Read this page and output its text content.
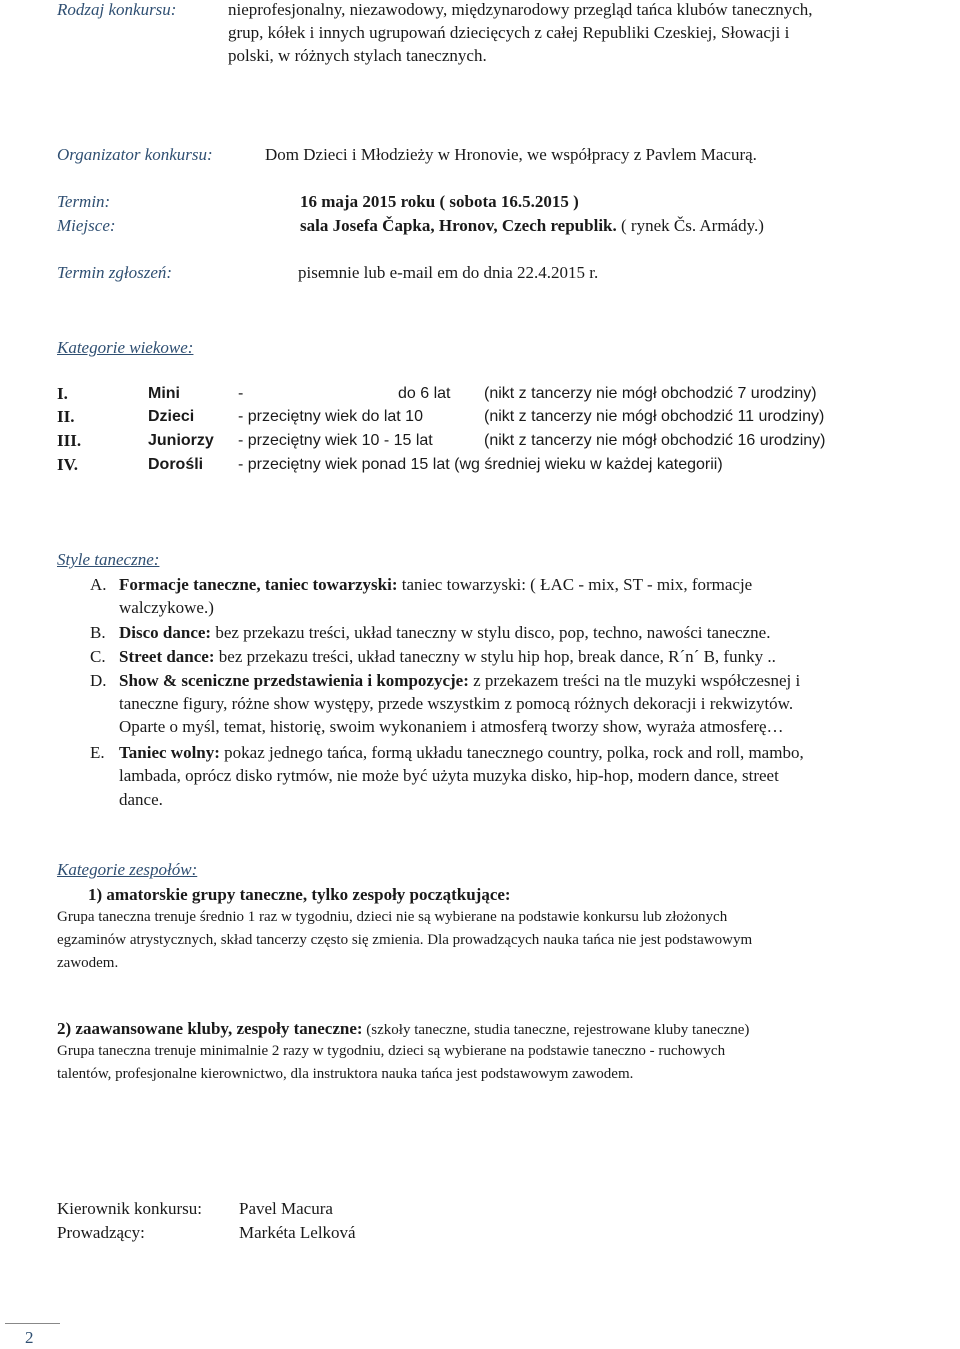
Rodzaj konkursu:	nieprofesjonalny, niezawodowy, międzynarodowy przegląd tańca klubów tanecznych,
grup, kółek i innych ugrupowań dziecięcych z całej Republiki Czeskiej, Słowacji i
polski, w różnych stylach tanecznych.
Organizator konkursu:	Dom Dzieci i Młodzieży w Hronovie, we współpracy z Pavlem Macurą.
Termin:	16 maja 2015 roku ( sobota 16.5.2015 )
Miejsce:	sala Josefa Čapka, Hronov, Czech republik. ( rynek Čs. Armády.)
Termin zgłoszeń:	pisemnie lub e-mail em do dnia 22.4.2015 r.
Kategorie wiekowe:
I.	Mini	-	do 6 lat (nikt z tancerzy nie mógł obchodzić 7 urodziny)
II.	Dzieci	- przeciętny wiek do lat 10	(nikt z tancerzy nie mógł obchodzić 11 urodziny)
III.	Juniorzy - przeciętny wiek 10 - 15 lat	(nikt z tancerzy nie mógł obchodzić 16 urodziny)
IV.	Dorośli - przeciętny wiek ponad 15 lat (wg średniej wieku w każdej kategorii)
Style taneczne:
A. Formacje taneczne, taniec towarzyski: taniec towarzyski: ( ŁAC - mix, ST - mix, formacje
walczykowe.)
B. Disco dance: bez przekazu treści, układ taneczny w stylu disco, pop, techno, nawości taneczne.
C. Street dance: bez przekazu treści, układ taneczny w stylu hip hop, break dance, R´n´ B, funky ..
D. Show & sceniczne przedstawienia i kompozycje: z przekazem treści na tle muzyki współczesnej i
taneczne figury, różne show występy, przede wszystkim z pomocą różnych dekoracji i rekwizytów.
Oparte o myśl, temat, historię, swoim wykonaniem i atmosferą tworzy show, wyraża atmosferę…
E. Taniec wolny: pokaz jednego tańca, formą układu tanecznego country, polka, rock and roll, mambo,
lambada, oprócz disko rytmów, nie może być użyta muzyka disko, hip-hop, modern dance, street
dance.
Kategorie zespołów:
1) amatorskie grupy taneczne, tylko zespoły początkujące:
Grupa taneczna trenuje średnio 1 raz w tygodniu, dzieci nie są wybierane na podstawie konkursu lub złożonych
egzaminów atrystycznych, skład tancerzy często się zmienia. Dla prowadzących nauka tańca nie jest podstawowym
zawodem.
2) zaawansowane kluby, zespoły taneczne: (szkoły taneczne, studia taneczne, rejestrowane kluby taneczne)
Grupa taneczna trenuje minimalnie 2 razy w tygodniu, dzieci są wybierane na podstawie taneczno - ruchowych
talentów, profesjonalne kierownictwo, dla instruktora nauka tańca jest podstawowym zawodem.
Kierownik konkursu: Pavel Macura
Prowadzący:	Markéta Lelková
2
